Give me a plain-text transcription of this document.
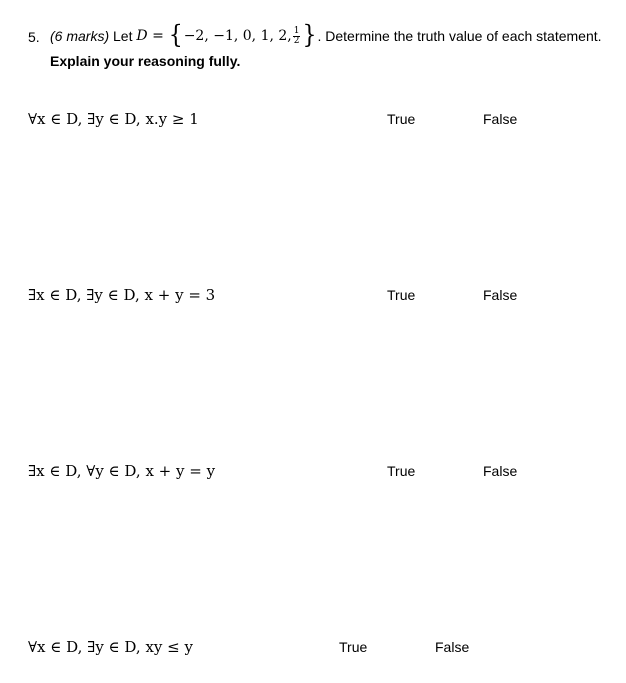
5. (6 marks)
Let
D =
{ −2, −1, 0, 1, 2, $\frac{1}{2}$ } . Determine the truth value of each statement.
Explain your reasoning fully.
∀x ∈ D, ∃y ∈ D, x.y ≥ 1	True	False
∃x ∈ D, ∃y ∈ D, x + y = 3	True	False
∃x ∈ D, ∀y ∈ D, x + y = y	True	False
∀x ∈ D, ∃y ∈ D, xy ≤ y	True	False
